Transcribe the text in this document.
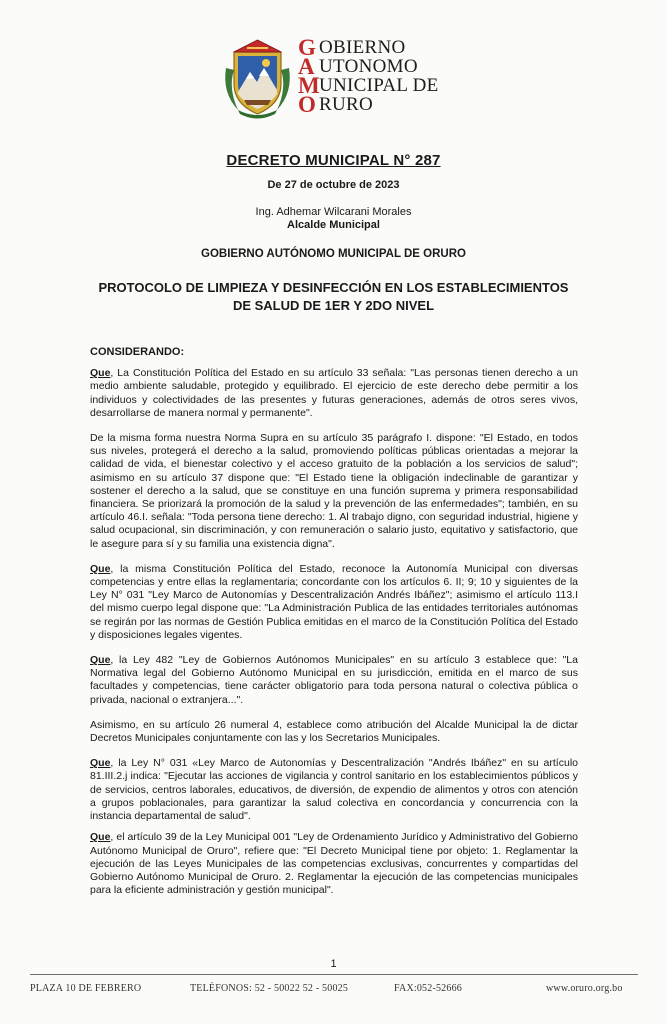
G OBIERNO
A UTONOMO
M UNICIPAL DE
O RURO
DECRETO MUNICIPAL N° 287
De 27 de octubre de 2023
Ing. Adhemar Wilcarani Morales
Alcalde Municipal
GOBIERNO AUTÓNOMO MUNICIPAL DE ORURO
PROTOCOLO DE LIMPIEZA Y DESINFECCIÓN EN LOS ESTABLECIMIENTOS
DE SALUD DE 1ER Y 2DO NIVEL
CONSIDERANDO:

Que, La Constitución Política del Estado en su artículo 33 señala: "Las personas tienen derecho a un medio ambiente saludable, protegido y equilibrado. El ejercicio de este derecho debe permitir a los individuos y colectividades de las presentes y futuras generaciones, además de otros seres vivos, desarrollarse de manera normal y permanente".

De la misma forma nuestra Norma Supra en su artículo 35 parágrafo I. dispone: "El Estado, en todos sus niveles, protegerá el derecho a la salud, promoviendo políticas públicas orientadas a mejorar la calidad de vida, el bienestar colectivo y el acceso gratuito de la población a los servicios de salud"; asimismo en su artículo 37 dispone que: "El Estado tiene la obligación indeclinable de garantizar y sostener el derecho a la salud, que se constituye en una función suprema y primera responsabilidad financiera. Se priorizará la promoción de la salud y la prevención de las enfermedades"; también, en su artículo 46.I. señala: "Toda persona tiene derecho: 1. Al trabajo digno, con seguridad industrial, higiene y salud ocupacional, sin discriminación, y con remuneración o salario justo, equitativo y satisfactorio, que le asegure para sí y su familia una existencia digna".

Que, la misma Constitución Política del Estado, reconoce la Autonomía Municipal con diversas competencias y entre ellas la reglamentaria; concordante con los artículos 6. II; 9; 10 y siguientes de la Ley N° 031 "Ley Marco de Autonomías y Descentralización Andrés Ibáñez"; asimismo el artículo 113.I del mismo cuerpo legal dispone que: "La Administración Publica de las entidades territoriales autónomas se regirán por las normas de Gestión Publica emitidas en el marco de la Constitución Política del Estado y disposiciones legales vigentes.

Que, la Ley 482 "Ley de Gobiernos Autónomos Municipales" en su artículo 3 establece que: "La Normativa legal del Gobierno Autónomo Municipal en su jurisdicción, emitida en el marco de sus facultades y competencias, tiene carácter obligatorio para toda persona natural o colectiva pública o privada, nacional o extranjera...".

Asimismo, en su artículo 26 numeral 4, establece como atribución del Alcalde Municipal la de dictar Decretos Municipales conjuntamente con las y los Secretarios Municipales.

Que, la Ley N° 031 «Ley Marco de Autonomías y Descentralización "Andrés Ibáñez" en su artículo 81.III.2.j indica: "Ejecutar las acciones de vigilancia y control sanitario en los establecimientos públicos y de servicios, centros laborales, educativos, de diversión, de expendio de alimentos y otros con atención a grupos poblacionales, para garantizar la salud colectiva en concordancia y concurrencia con la instancia departamental de salud".

Que, el artículo 39 de la Ley Municipal 001 "Ley de Ordenamiento Jurídico y Administrativo del Gobierno Autónomo Municipal de Oruro", refiere que: "El Decreto Municipal tiene por objeto: 1. Reglamentar la ejecución de las Leyes Municipales de las competencias exclusivas, concurrentes y compartidas del Gobierno Autónomo Municipal de Oruro. 2. Reglamentar la ejecución de las competencias municipales para la eficiente administración y gestión municipal".

1
PLAZA 10 DE FEBRERO	TELÉFONOS: 52 - 50022 52 - 50025	FAX:052-52666	www.oruro.org.bo
